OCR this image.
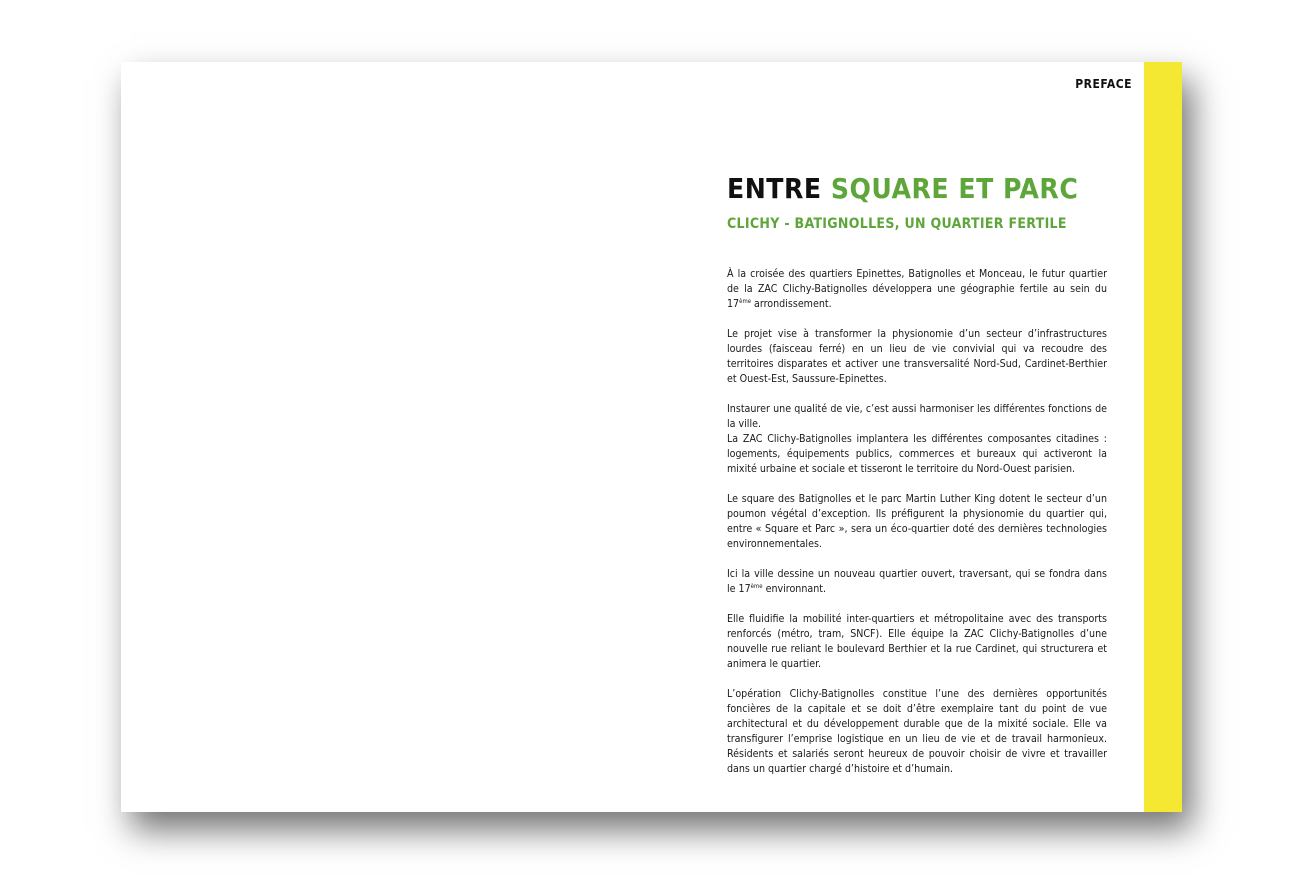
PREFACE
ENTRE SQUARE ET PARC
CLICHY - BATIGNOLLES, UN QUARTIER FERTILE

À la croisée des quartiers Epinettes, Batignolles et Monceau, le futur quartier de la ZAC Clichy-Batignolles développera une géographie fertile au sein du 17ème arrondissement.

Le projet vise à transformer la physionomie d’un secteur d’infrastructures lourdes (faisceau ferré) en un lieu de vie convivial qui va recoudre des territoires disparates et activer une transversalité Nord-Sud, Cardinet-Berthier et Ouest-Est, Saussure-Epinettes.

Instaurer une qualité de vie, c’est aussi harmoniser les différentes fonctions de la ville.
La ZAC Clichy-Batignolles implantera les différentes composantes citadines : logements, équipements publics, commerces et bureaux qui activeront la mixité urbaine et sociale et tisseront le territoire du Nord-Ouest parisien.

Le square des Batignolles et le parc Martin Luther King dotent le secteur d’un poumon végétal d’exception. Ils préfigurent la physionomie du quartier qui, entre « Square et Parc », sera un éco-quartier doté des dernières technologies environnementales.

Ici la ville dessine un nouveau quartier ouvert, traversant, qui se fondra dans le 17ème environnant.

Elle fluidifie la mobilité inter-quartiers et métropolitaine avec des transports renforcés (métro, tram, SNCF). Elle équipe la ZAC Clichy-Batignolles d’une nouvelle rue reliant le boulevard Berthier et la rue Cardinet, qui structurera et animera le quartier.

L’opération Clichy-Batignolles constitue l’une des dernières opportunités foncières de la capitale et se doit d’être exemplaire tant du point de vue architectural et du développement durable que de la mixité sociale. Elle va transfigurer l’emprise logistique en un lieu de vie et de travail harmonieux. Résidents et salariés seront heureux de pouvoir choisir de vivre et travailler dans un quartier chargé d’histoire et d’humain.
